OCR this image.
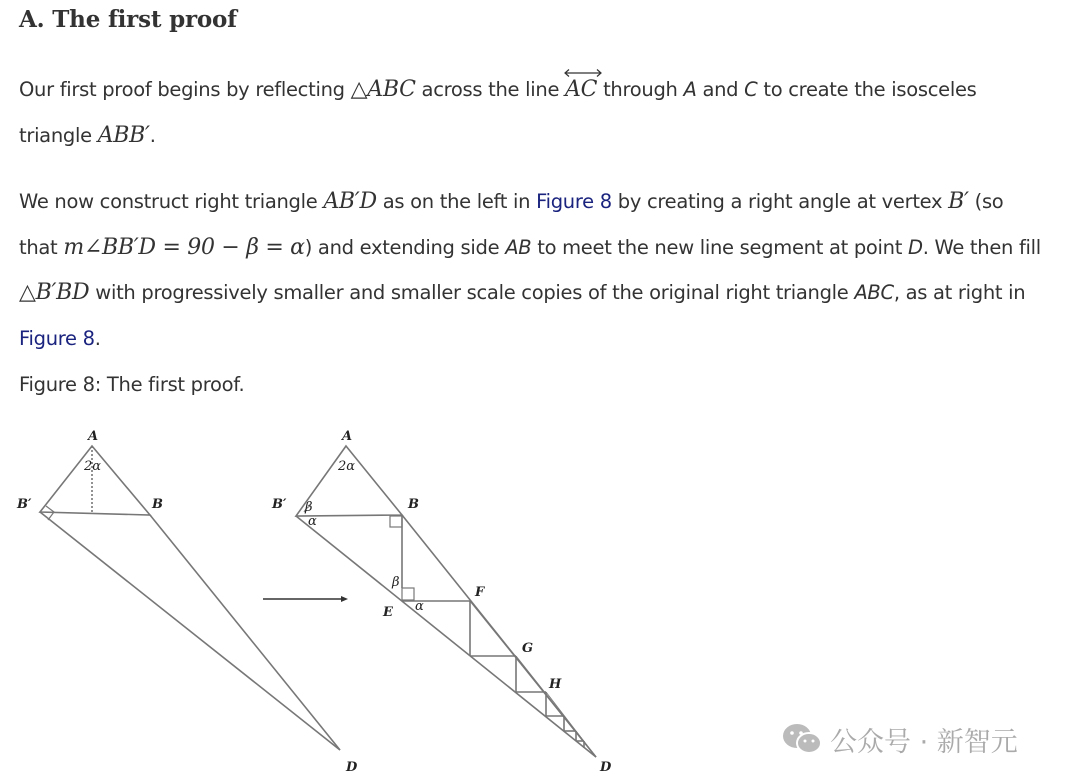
A. The first proof

Our first proof begins by reflecting △ABC across the line
AC through A and C to create the isosceles
triangle ABB′.

We now construct right triangle AB′D as on the left in Figure 8 by creating a right angle at vertex B′ (so
that m∠BB′D = 90 − β = α) and extending side AB to meet the new line segment at point D. We then fill
△B′BD with progressively smaller and smaller scale copies of the original right triangle ABC, as at right in
Figure 8.

Figure 8: The first proof.

A
2α
B′	B
D
A
2α
B′	B
β
α
β
α
E
F
G
H
D
公众号 · 新智元
